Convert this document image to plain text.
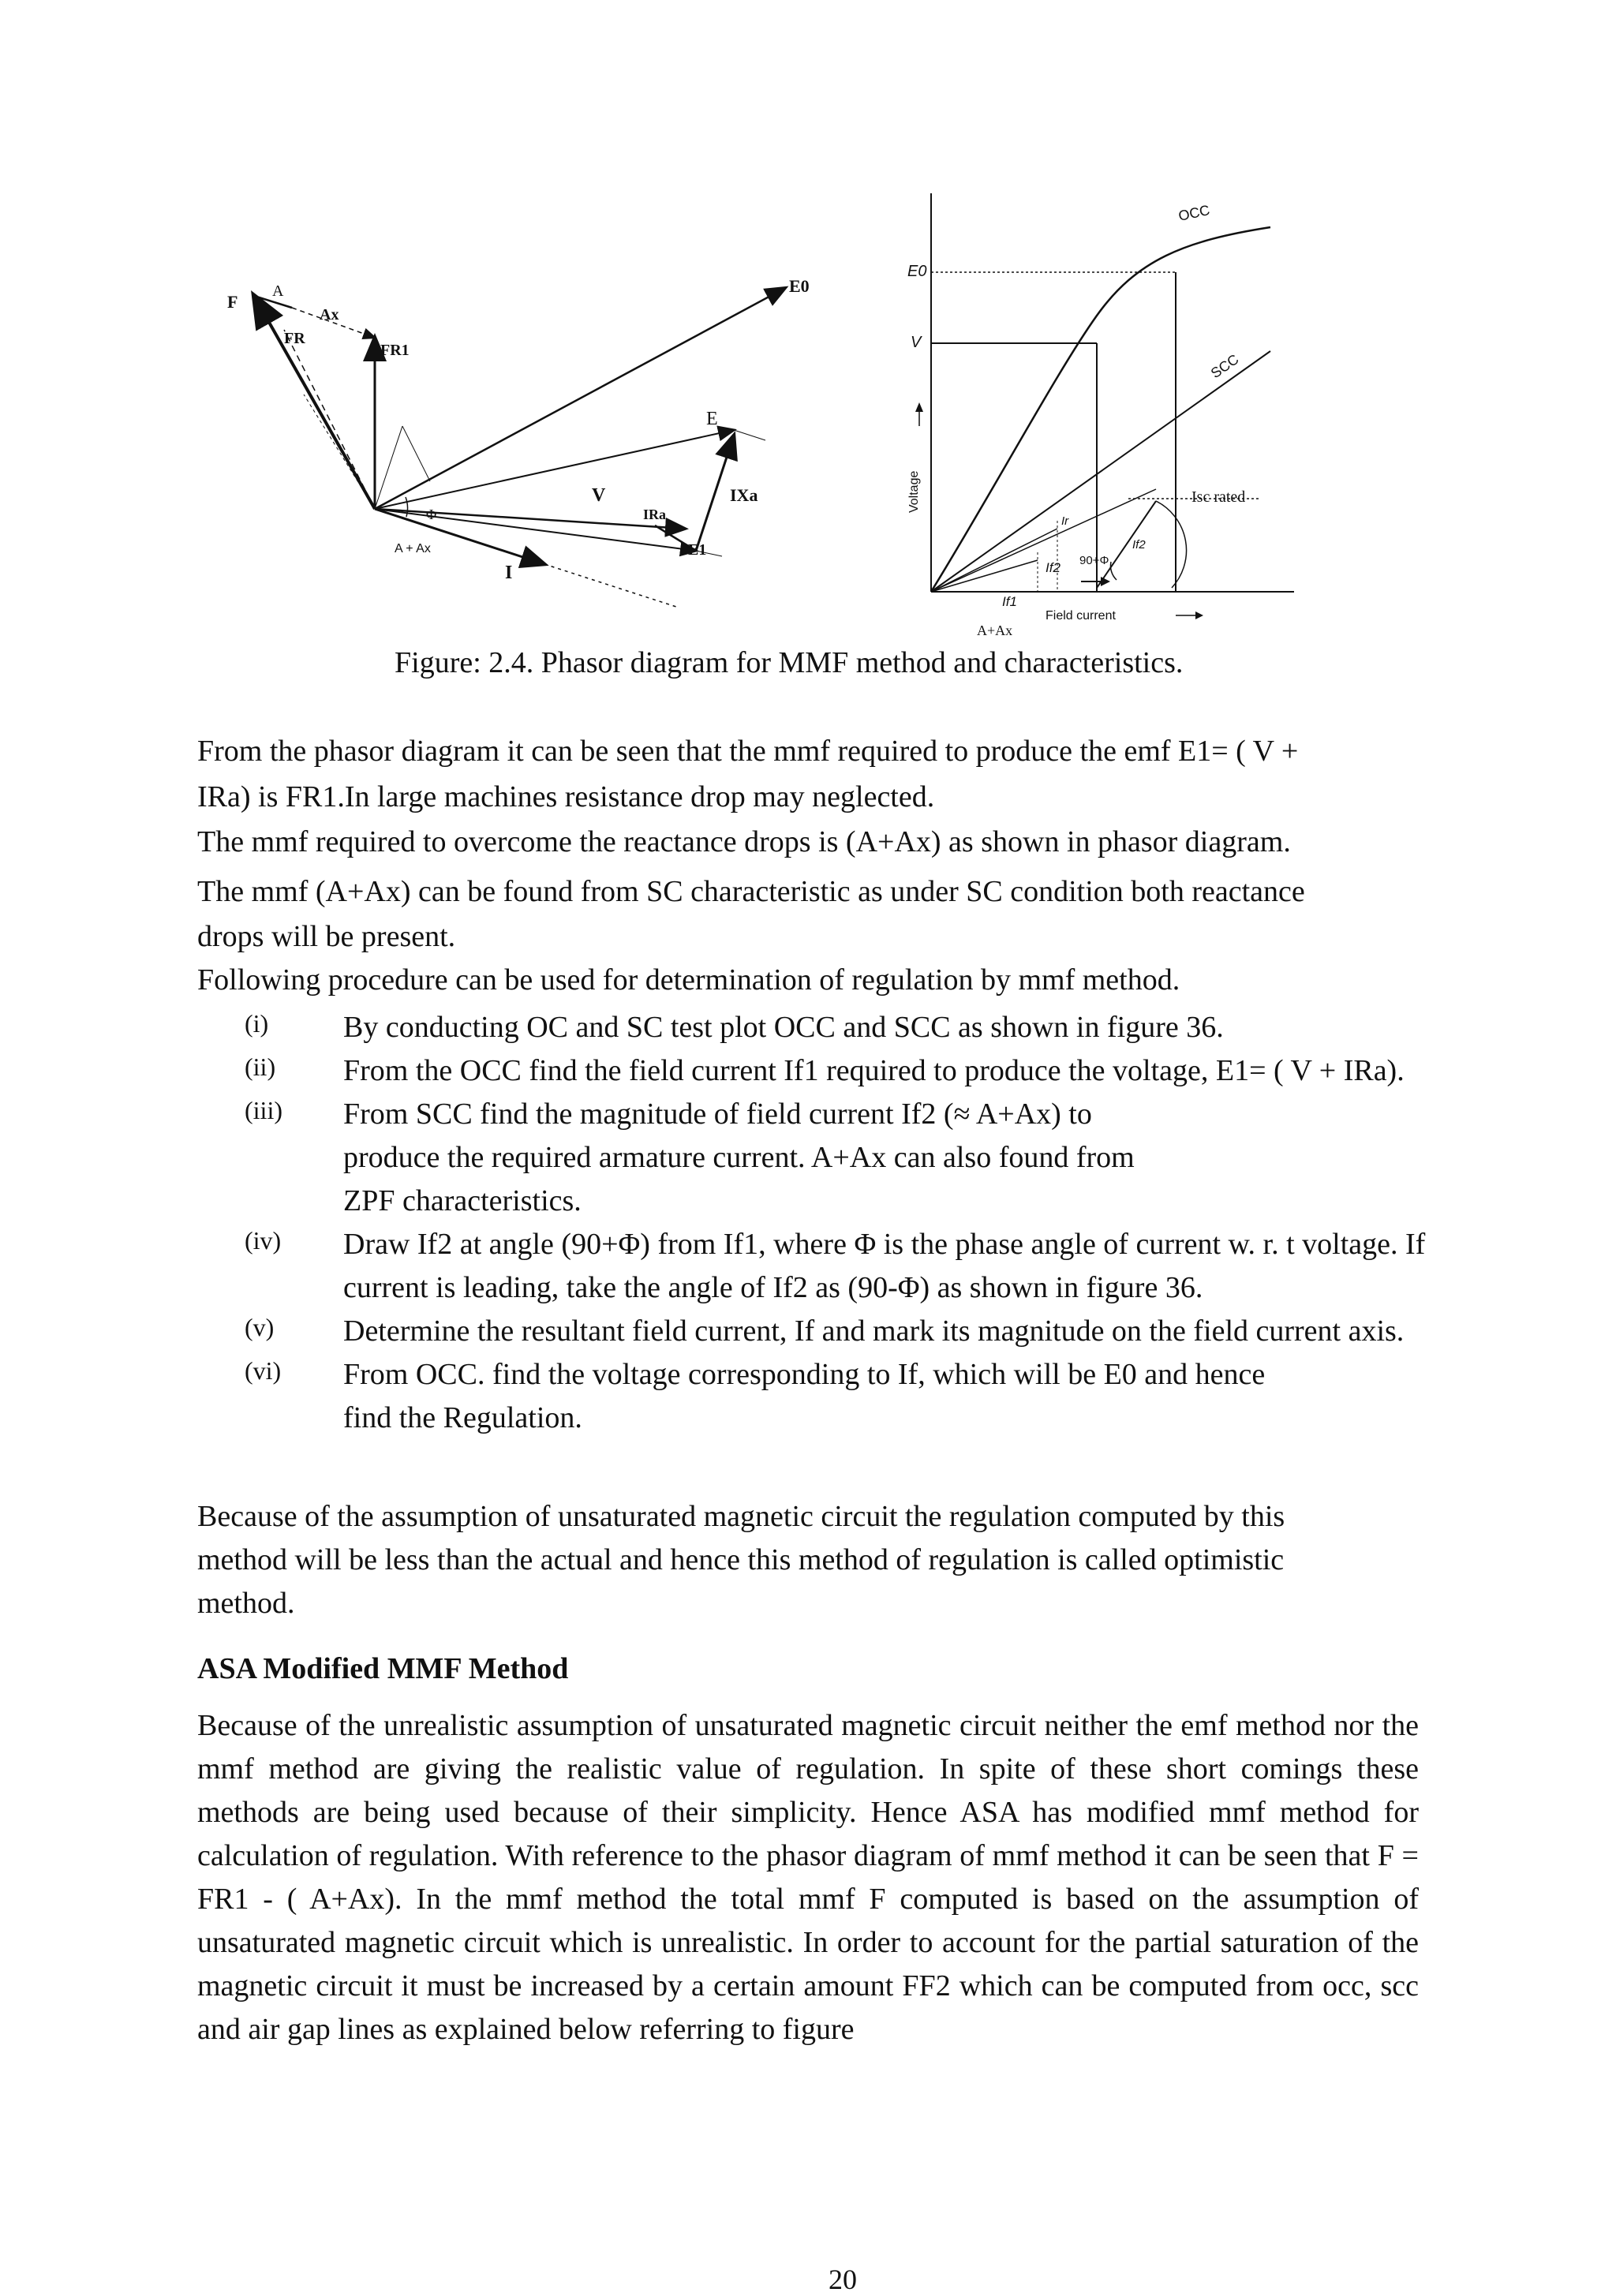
F
A
Ax
FR
FR1
E0
E
V	IXa
IRa
E1
I
Φ
A + Ax
E0
V
Voltage
OCC
SCC
Isc rated
Ir
If2
If2
90+Φ
If1
Field current
A+Ax
Figure: 2.4. Phasor diagram for MMF method and characteristics.
From the phasor diagram it can be seen that the mmf required to produce the emf E1= ( V +
IRa) is FR1.In large machines resistance drop may neglected.
The mmf required to overcome the reactance drops is (A+Ax) as shown in phasor diagram.
The mmf (A+Ax) can be found from SC characteristic as under SC condition both reactance
drops will be present.
Following procedure can be used for determination of regulation by mmf method.
(i) By conducting OC and SC test plot OCC and SCC as shown in figure 36.
(ii) From the OCC find the field current If1 required to produce the voltage, E1= ( V + IRa).
(iii) From SCC find the magnitude of field current If2 (≈ A+Ax) to produce the required armature current. A+Ax can also found from ZPF characteristics.
(iv) Draw If2 at angle (90+Φ) from If1, where Φ is the phase angle of current w. r. t voltage. If current is leading, take the angle of If2 as (90-Φ) as shown in figure 36.
(v) Determine the resultant field current, If and mark its magnitude on the field current axis.
(vi) From OCC. find the voltage corresponding to If, which will be E0 and hence find the Regulation.
Because of the assumption of unsaturated magnetic circuit the regulation computed by this method will be less than the actual and hence this method of regulation is called optimistic method.
ASA Modified MMF Method
Because of the unrealistic assumption of unsaturated magnetic circuit neither the emf method nor the mmf method are giving the realistic value of regulation. In spite of these short comings these methods are being used because of their simplicity. Hence ASA has modified mmf method for calculation of regulation. With reference to the phasor diagram of mmf method it can be seen that F = FR1 - ( A+Ax). In the mmf method the total mmf F computed is based on the assumption of unsaturated magnetic circuit which is unrealistic. In order to account for the partial saturation of the magnetic circuit it must be increased by a certain amount FF2 which can be computed from occ, scc and air gap lines as explained below referring to figure
20
